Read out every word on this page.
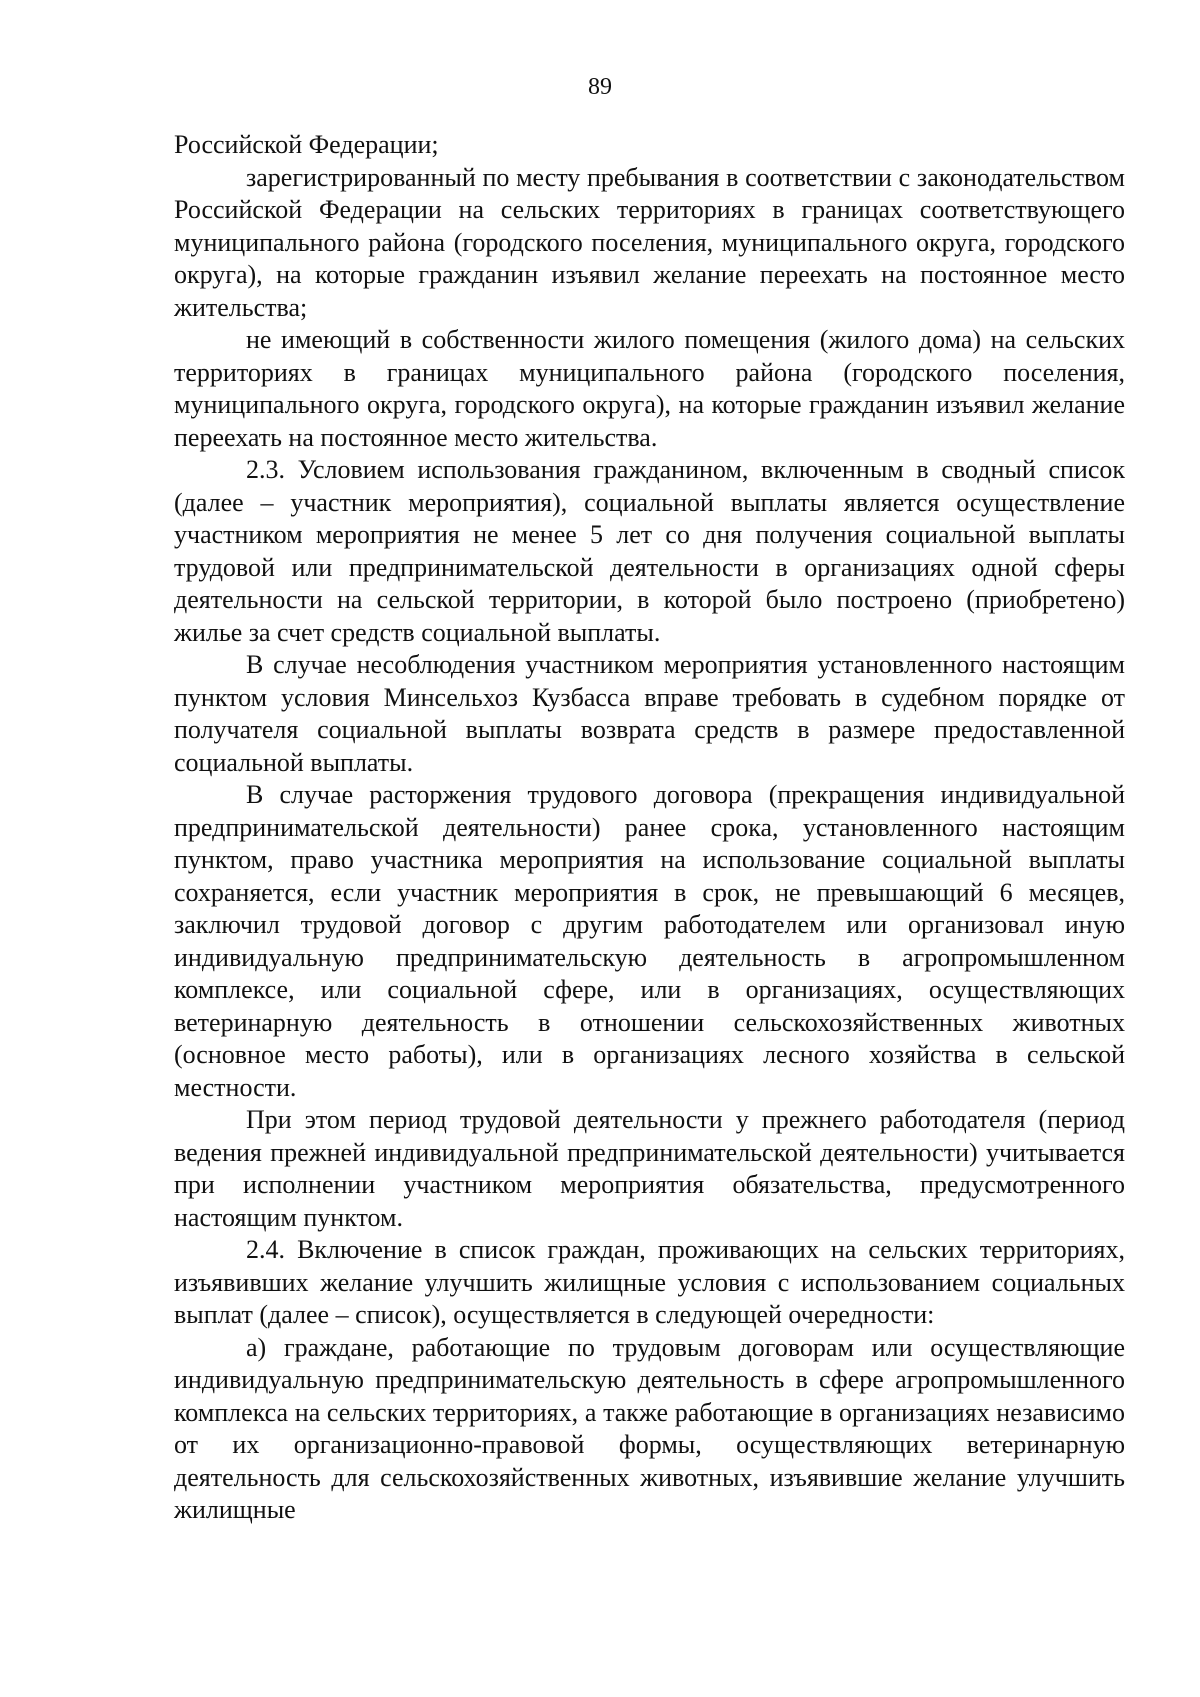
89

Российской Федерации;

зарегистрированный по месту пребывания в соответствии с законодательством Российской Федерации на сельских территориях в границах соответствующего муниципального района (городского поселения, муниципального округа, городского округа), на которые гражданин изъявил желание переехать на постоянное место жительства;

не имеющий в собственности жилого помещения (жилого дома) на сельских территориях в границах муниципального района (городского поселения, муниципального округа, городского округа), на которые гражданин изъявил желание переехать на постоянное место жительства.

2.3. Условием использования гражданином, включенным в сводный список (далее – участник мероприятия), социальной выплаты является осуществление участником мероприятия не менее 5 лет со дня получения социальной выплаты трудовой или предпринимательской деятельности в организациях одной сферы деятельности на сельской территории, в которой было построено (приобретено) жилье за счет средств социальной выплаты.

В случае несоблюдения участником мероприятия установленного настоящим пунктом условия Минсельхоз Кузбасса вправе требовать в судебном порядке от получателя социальной выплаты возврата средств в размере предоставленной социальной выплаты.

В случае расторжения трудового договора (прекращения индивидуальной предпринимательской деятельности) ранее срока, установленного настоящим пунктом, право участника мероприятия на использование социальной выплаты сохраняется, если участник мероприятия в срок, не превышающий 6 месяцев, заключил трудовой договор с другим работодателем или организовал иную индивидуальную предпринимательскую деятельность в агропромышленном комплексе, или социальной сфере, или в организациях, осуществляющих ветеринарную деятельность в отношении сельскохозяйственных животных (основное место работы), или в организациях лесного хозяйства в сельской местности.

При этом период трудовой деятельности у прежнего работодателя (период ведения прежней индивидуальной предпринимательской деятельности) учитывается при исполнении участником мероприятия обязательства, предусмотренного настоящим пунктом.

2.4. Включение в список граждан, проживающих на сельских территориях, изъявивших желание улучшить жилищные условия с использованием социальных выплат (далее – список), осуществляется в следующей очередности:

а) граждане, работающие по трудовым договорам или осуществляющие индивидуальную предпринимательскую деятельность в сфере агропромышленного комплекса на сельских территориях, а также работающие в организациях независимо от их организационно-правовой формы, осуществляющих ветеринарную деятельность для сельскохозяйственных животных, изъявившие желание улучшить жилищные
